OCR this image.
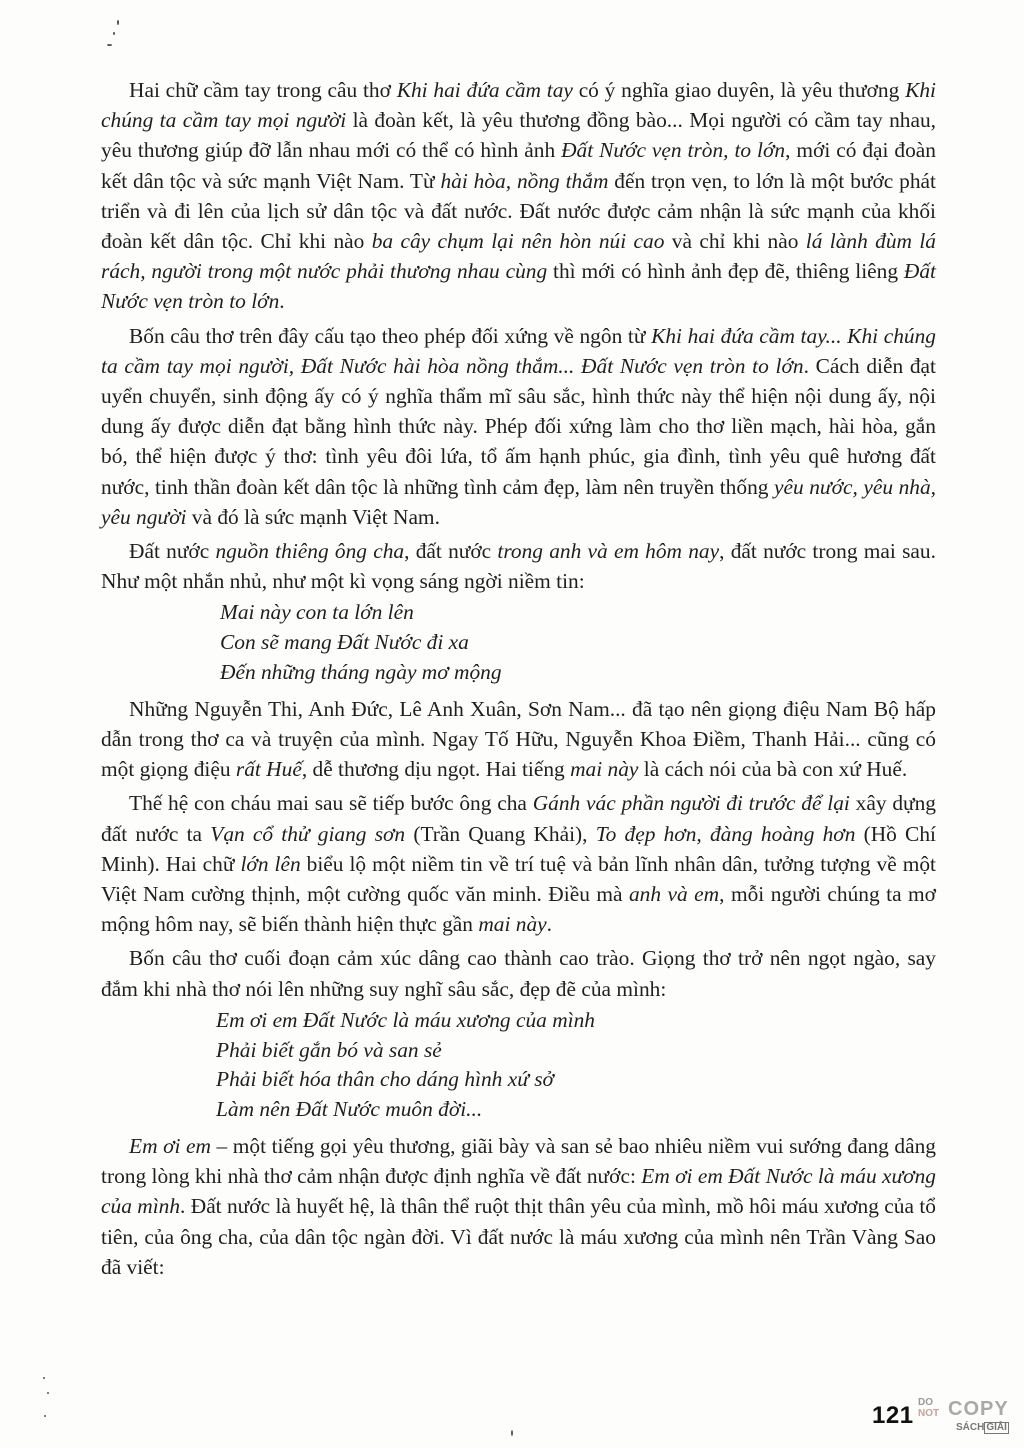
Hai chữ cầm tay trong câu thơ Khi hai đứa cầm tay có ý nghĩa giao duyên, là yêu thương Khi chúng ta cầm tay mọi người là đoàn kết, là yêu thương đồng bào... Mọi người có cầm tay nhau, yêu thương giúp đỡ lẫn nhau mới có thể có hình ảnh Đất Nước vẹn tròn, to lớn, mới có đại đoàn kết dân tộc và sức mạnh Việt Nam. Từ hài hòa, nồng thắm đến trọn vẹn, to lớn là một bước phát triển và đi lên của lịch sử dân tộc và đất nước. Đất nước được cảm nhận là sức mạnh của khối đoàn kết dân tộc. Chỉ khi nào ba cây chụm lại nên hòn núi cao và chỉ khi nào lá lành đùm lá rách, người trong một nước phải thương nhau cùng thì mới có hình ảnh đẹp đẽ, thiêng liêng Đất Nước vẹn tròn to lớn.

Bốn câu thơ trên đây cấu tạo theo phép đối xứng về ngôn từ Khi hai đứa cầm tay... Khi chúng ta cầm tay mọi người, Đất Nước hài hòa nồng thắm... Đất Nước vẹn tròn to lớn. Cách diễn đạt uyển chuyển, sinh động ấy có ý nghĩa thẩm mĩ sâu sắc, hình thức này thể hiện nội dung ấy, nội dung ấy được diễn đạt bằng hình thức này. Phép đối xứng làm cho thơ liền mạch, hài hòa, gắn bó, thể hiện được ý thơ: tình yêu đôi lứa, tổ ấm hạnh phúc, gia đình, tình yêu quê hương đất nước, tinh thần đoàn kết dân tộc là những tình cảm đẹp, làm nên truyền thống yêu nước, yêu nhà, yêu người và đó là sức mạnh Việt Nam.

Đất nước nguồn thiêng ông cha, đất nước trong anh và em hôm nay, đất nước trong mai sau. Như một nhắn nhủ, như một kì vọng sáng ngời niềm tin:

Mai này con ta lớn lên
Con sẽ mang Đất Nước đi xa
Đến những tháng ngày mơ mộng

Những Nguyễn Thi, Anh Đức, Lê Anh Xuân, Sơn Nam... đã tạo nên giọng điệu Nam Bộ hấp dẫn trong thơ ca và truyện của mình. Ngay Tố Hữu, Nguyễn Khoa Điềm, Thanh Hải... cũng có một giọng điệu rất Huế, dễ thương dịu ngọt. Hai tiếng mai này là cách nói của bà con xứ Huế.

Thế hệ con cháu mai sau sẽ tiếp bước ông cha Gánh vác phần người đi trước để lại xây dựng đất nước ta Vạn cổ thử giang sơn (Trần Quang Khải), To đẹp hơn, đàng hoàng hơn (Hồ Chí Minh). Hai chữ lớn lên biểu lộ một niềm tin về trí tuệ và bản lĩnh nhân dân, tưởng tượng về một Việt Nam cường thịnh, một cường quốc văn minh. Điều mà anh và em, mỗi người chúng ta mơ mộng hôm nay, sẽ biến thành hiện thực gần mai này.

Bốn câu thơ cuối đoạn cảm xúc dâng cao thành cao trào. Giọng thơ trở nên ngọt ngào, say đắm khi nhà thơ nói lên những suy nghĩ sâu sắc, đẹp đẽ của mình:

Em ơi em Đất Nước là máu xương của mình
Phải biết gắn bó và san sẻ
Phải biết hóa thân cho dáng hình xứ sở
Làm nên Đất Nước muôn đời...

Em ơi em – một tiếng gọi yêu thương, giãi bày và san sẻ bao nhiêu niềm vui sướng đang dâng trong lòng khi nhà thơ cảm nhận được định nghĩa về đất nước: Em ơi em Đất Nước là máu xương của mình. Đất nước là huyết hệ, là thân thể ruột thịt thân yêu của mình, mồ hôi máu xương của tổ tiên, của ông cha, của dân tộc ngàn đời. Vì đất nước là máu xương của mình nên Trần Vàng Sao đã viết:

121 DO
NOT COPY
SÁCH GIẢI
